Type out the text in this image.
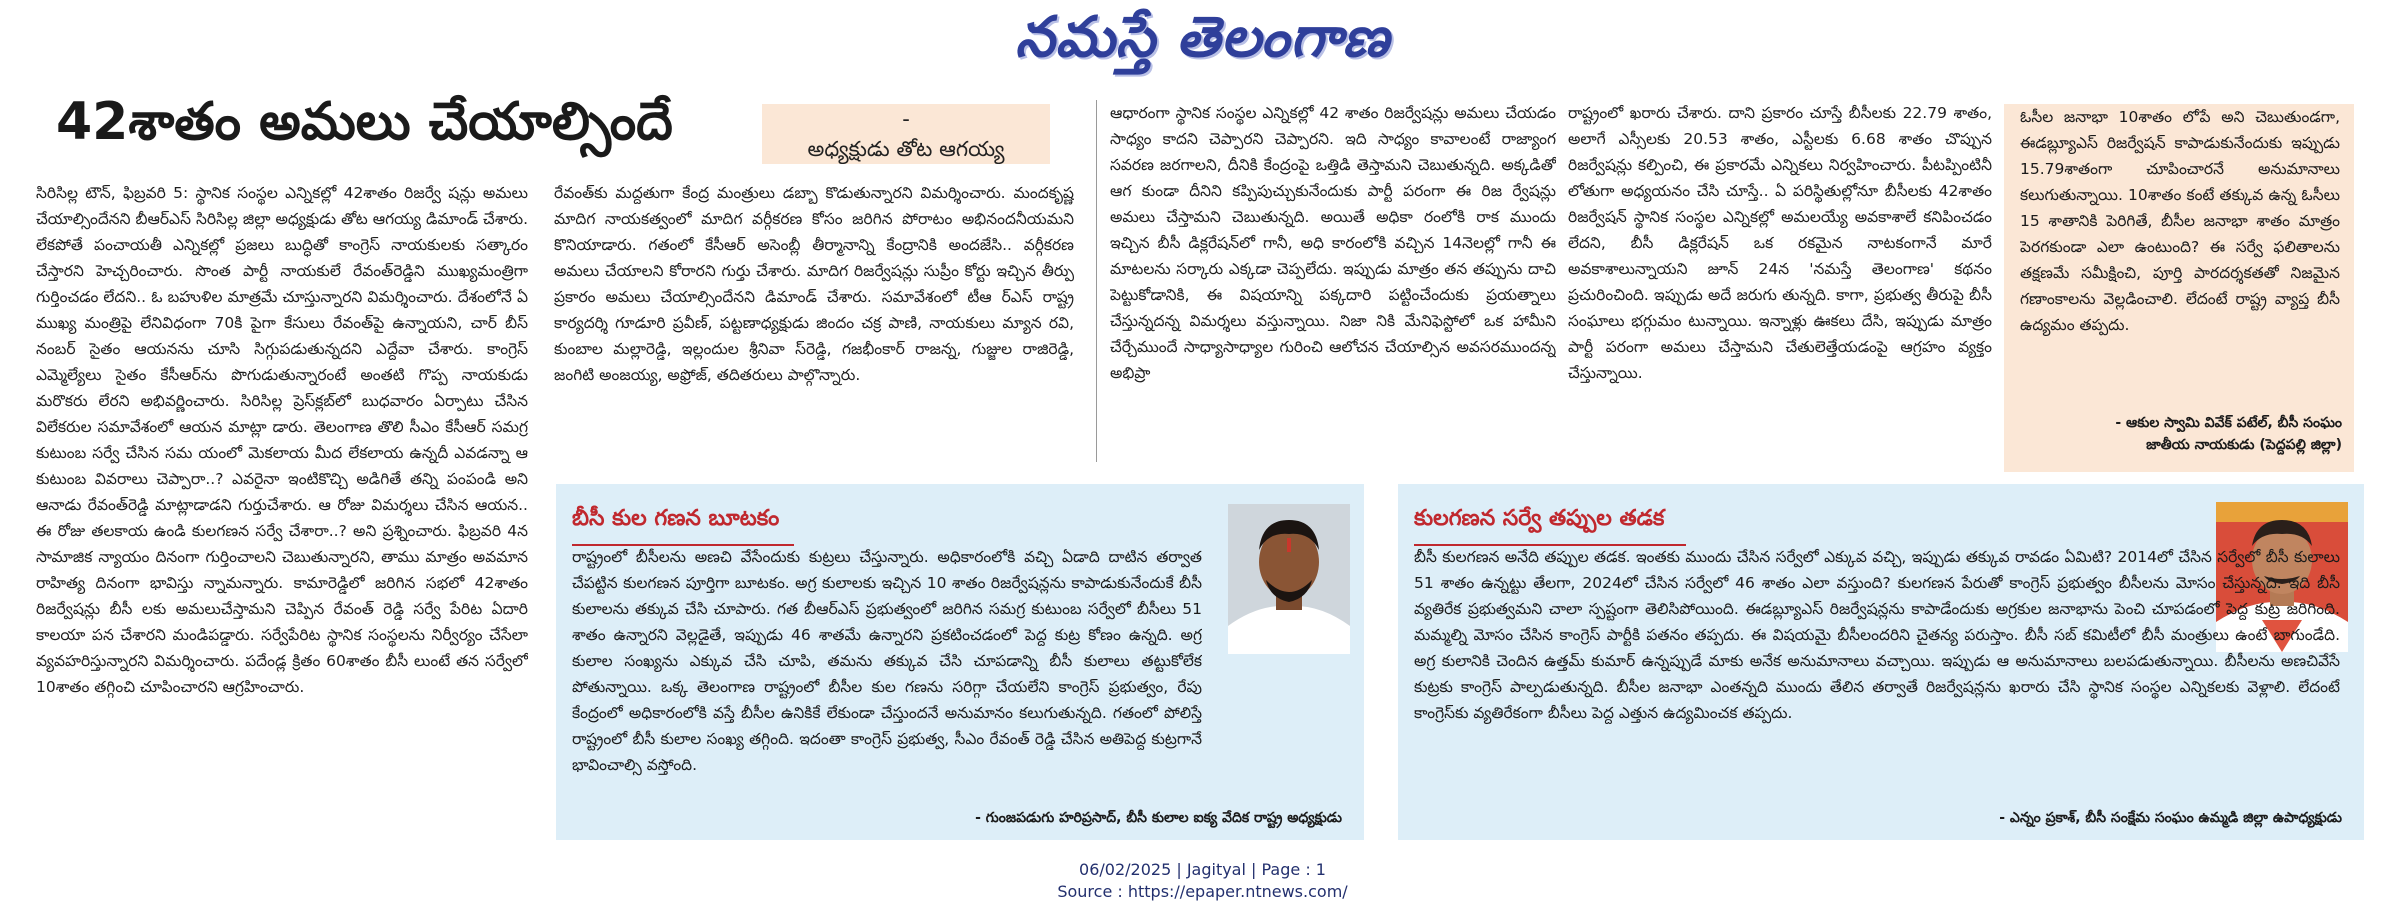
నమస్తే తెలంగాణ
42శాతం అమలు చేయాల్సిందే	-
అధ్యక్షుడు తోట ఆగయ్య
సిరిసిల్ల టౌన్, ఫిబ్రవరి 5: స్థానిక సంస్థల ఎన్నికల్లో 42శాతం రిజర్వే షన్లు అమలు చేయాల్సిందేనని బీఆర్ఎస్ సిరిసిల్ల జిల్లా అధ్యక్షుడు తోట ఆగయ్య డిమాండ్ చేశారు. లేకపోతే పంచాయతీ ఎన్నికల్లో ప్రజలు బుద్ధితో కాంగ్రెస్ నాయకులకు సత్కారం చేస్తారని హెచ్చరించారు. సొంత పార్టీ నాయకులే రేవంత్‌రెడ్డిని ముఖ్యమంత్రిగా గుర్తించడం లేదని.. ఓ బహుళిల మాత్రమే చూస్తున్నారని విమర్శించారు. దేశంలోనే ఏ ముఖ్య మంత్రిపై లేనివిధంగా 70కి పైగా కేసులు రేవంత్‌పై ఉన్నాయని, చార్ బీస్ నంబర్ సైతం ఆయనను చూసి సిగ్గుపడుతున్నదని ఎద్దేవా చేశారు. కాంగ్రెస్ ఎమ్మెల్యేలు సైతం కేసీఆర్‌ను పొగుడుతున్నారంటే అంతటి గొప్ప నాయకుడు మరొకరు లేరని అభివర్ణించారు. సిరిసిల్ల ప్రెస్‌క్లబ్‌లో బుధవారం ఏర్పాటు చేసిన విలేకరుల సమావేశంలో ఆయన మాట్లా డారు. తెలంగాణ తొలి సీఎం కేసీఆర్ సమగ్ర కుటుంబ సర్వే చేసిన సమ యంలో మెకలాయ మీద లేకలాయ ఉన్నదీ ఎవడన్నా ఆ కుటుంబ వివరాలు చెప్పారా..? ఎవరైనా ఇంటికొచ్చి అడిగితే తన్ని పంపండి అని ఆనాడు రేవంత్‌రెడ్డి మాట్లాడాడని గుర్తుచేశారు. ఆ రోజు విమర్శలు చేసిన ఆయన.. ఈ రోజు తలకాయ ఉండి కులగణన సర్వే చేశారా..? అని ప్రశ్నించారు. ఫిబ్రవరి 4న సామాజిక న్యాయం దినంగా గుర్తించాలని చెబుతున్నారని, తాము మాత్రం అవమాన రాహిత్య దినంగా భావిస్తు న్నామన్నారు. కామారెడ్డిలో జరిగిన సభలో 42శాతం రిజర్వేషన్లు బీసీ లకు అమలుచేస్తామని చెప్పిన రేవంత్ రెడ్డి సర్వే పేరిట ఏదారి కాలయా పన చేశారని మండిపడ్డారు. సర్వేపేరిట స్థానిక సంస్థలను నిర్వీర్యం చేసేలా వ్యవహరిస్తున్నారని విమర్శించారు. పదేండ్ల క్రితం 60శాతం బీసీ లుంటే తన సర్వేలో 10శాతం తగ్గించి చూపించారని ఆగ్రహించారు.
రేవంత్‌కు మద్దతుగా కేంద్ర మంత్రులు డబ్బా కొడుతున్నారని విమర్శించారు. మందకృష్ణ మాదిగ నాయకత్వంలో మాదిగ వర్గీకరణ కోసం జరిగిన పోరాటం అభినందనీయమని కొనియాడారు. గతంలో కేసీఆర్ అసెంబ్లీ తీర్మానాన్ని కేంద్రానికి అందజేసి.. వర్గీకరణ అమలు చేయాలని కోరారని గుర్తు చేశారు. మాదిగ రిజర్వేషన్లు సుప్రీం కోర్టు ఇచ్చిన తీర్పు ప్రకారం అమలు చేయాల్సిందేనని డిమాండ్ చేశారు. సమావేశంలో టీఆ ర్ఎస్ రాష్ట్ర కార్యదర్శి గూడూరి ప్రవీణ్, పట్టణాధ్యక్షుడు జిందం చక్ర పాణి, నాయకులు మ్యాన రవి, కుంబాల మల్లారెడ్డి, ఇల్లందుల శ్రీనివా స్‌రెడ్డి, గజభీంకార్ రాజన్న, గుజ్జుల రాజిరెడ్డి, జంగిటి అంజయ్య, అఫ్రోజ్, తదితరులు పాల్గొన్నారు.
ఆధారంగా స్థానిక సంస్థల ఎన్నికల్లో 42 శాతం రిజర్వేషన్లు అమలు చేయడం సాధ్యం కాదని చెప్పారని చెప్పారని. ఇది సాధ్యం కావాలంటే రాజ్యాంగ సవరణ జరగాలని, దీనికి కేంద్రంపై ఒత్తిడి తెస్తామని చెబుతున్నది. అక్కడితో ఆగ కుండా దీనిని కప్పిపుచ్చుకునేందుకు పార్టీ పరంగా ఈ రిజ ర్వేషన్లు అమలు చేస్తామని చెబుతున్నది. అయితే అధికా రంలోకి రాక ముందు ఇచ్చిన బీసీ డిక్లరేషన్‌లో గానీ, అధి కారంలోకి వచ్చిన 14నెలల్లో గానీ ఈ మాటలను సర్కారు ఎక్కడా చెప్పలేదు. ఇప్పుడు మాత్రం తన తప్పును దాచి పెట్టుకోడానికి, ఈ విషయాన్ని పక్కదారి పట్టించేందుకు ప్రయత్నాలు చేస్తున్నదన్న విమర్శలు వస్తున్నాయి. నిజా నికి మేనిఫెస్టోలో ఒక హామీని చేర్చేముందే సాధ్యాసాధ్యాల గురించి ఆలోచన చేయాల్సిన అవసరముందన్న అభిప్రా
రాష్ట్రంలో ఖరారు చేశారు. దాని ప్రకారం చూస్తే బీసీలకు 22.79 శాతం, అలాగే ఎస్సీలకు 20.53 శాతం, ఎస్టీలకు 6.68 శాతం చొప్పున రిజర్వేషన్లు కల్పించి, ఈ ప్రకారమే ఎన్నికలు నిర్వహించారు. పీటప్పింటినీ లోతుగా అధ్యయనం చేసి చూస్తే.. ఏ పరిస్థితుల్లోనూ బీసీలకు 42శాతం రిజర్వేషన్ స్థానిక సంస్థల ఎన్నికల్లో అమలయ్యే అవకాశాలే కనిపించడం లేదని, బీసీ డిక్లరేషన్ ఒక రకమైన నాటకంగానే మారే అవకాశాలున్నాయని జూన్ 24న 'నమస్తే తెలంగాణ' కథనం ప్రచురించింది. ఇప్పుడు అదే జరుగు తున్నది. కాగా, ప్రభుత్వ తీరుపై బీసీ సంఘాలు భగ్గుమం టున్నాయి. ఇన్నాళ్లు ఊకలు దేసి, ఇప్పుడు మాత్రం పార్టీ పరంగా అమలు చేస్తామని చేతులెత్తేయడంపై ఆగ్రహం వ్యక్తం చేస్తున్నాయి.
ఓసీల జనాభా 10శాతం లోపే అని చెబుతుండగా, ఈడబ్ల్యూఎస్ రిజర్వేషన్ కాపాడుకునేందుకు ఇప్పుడు 15.79శాతంగా చూపించారనే అనుమానాలు కలుగుతున్నాయి. 10శాతం కంటే తక్కువ ఉన్న ఓసీలు 15 శాతానికి పెరిగితే, బీసీల జనాభా శాతం మాత్రం పెరగకుండా ఎలా ఉంటుంది? ఈ సర్వే ఫలితాలను తక్షణమే సమీక్షించి, పూర్తి పారదర్శకతతో నిజమైన గణాంకాలను వెల్లడించాలి. లేదంటే రాష్ట్ర వ్యాప్త బీసీ ఉద్యమం తప్పదు.
- ఆకుల స్వామి వివేక్ పటేల్, బీసీ సంఘం
జాతీయ నాయకుడు (పెద్దపల్లి జిల్లా)
బీసీ కుల గణన బూటకం
రాష్ట్రంలో బీసీలను అణచి వేసేందుకు కుట్రలు చేస్తున్నారు. అధికారంలోకి వచ్చి ఏడాది దాటిన తర్వాత చేపట్టిన కులగణన పూర్తిగా బూటకం. అగ్ర కులాలకు ఇచ్చిన 10 శాతం రిజర్వేషన్లను కాపాడుకునేందుకే బీసీ కులాలను తక్కువ చేసి చూపారు. గత బీఆర్ఎస్ ప్రభుత్వంలో జరిగిన సమగ్ర కుటుంబ సర్వేలో బీసీలు 51 శాతం ఉన్నారని వెల్లడైతే, ఇప్పుడు 46 శాతమే ఉన్నారని ప్రకటించడంలో పెద్ద కుట్ర కోణం ఉన్నది. అగ్ర కులాల సంఖ్యను ఎక్కువ చేసి చూపి, తమను తక్కువ చేసి చూపడాన్ని బీసీ కులాలు తట్టుకోలేక పోతున్నాయి. ఒక్క తెలంగాణ రాష్ట్రంలో బీసీల కుల గణను సరిగ్గా చేయలేని కాంగ్రెస్ ప్రభుత్వం, రేపు కేంద్రంలో అధికారంలోకి వస్తే బీసీల ఉనికికే లేకుండా చేస్తుందనే అనుమానం కలుగుతున్నది. గతంలో పోలిస్తే రాష్ట్రంలో బీసీ కులాల సంఖ్య తగ్గింది. ఇదంతా కాంగ్రెస్ ప్రభుత్వ, సీఎం రేవంత్ రెడ్డి చేసిన అతిపెద్ద కుట్రగానే భావించాల్సి వస్తోంది.
- గుంజపడుగు హరిప్రసాద్, బీసీ కులాల ఐక్య వేదిక రాష్ట్ర అధ్యక్షుడు
కులగణన సర్వే తప్పుల తడక
బీసీ కులగణన అనేది తప్పుల తడక. ఇంతకు ముందు చేసిన సర్వేలో ఎక్కువ వచ్చి, ఇప్పుడు తక్కువ రావడం ఏమిటి? 2014లో చేసిన సర్వేలో బీసీ కులాలు 51 శాతం ఉన్నట్టు తేలగా, 2024లో చేసిన సర్వేలో 46 శాతం ఎలా వస్తుంది? కులగణన పేరుతో కాంగ్రెస్ ప్రభుత్వం బీసీలను మోసం చేస్తున్నది. ఇది బీసీ వ్యతిరేక ప్రభుత్వమని చాలా స్పష్టంగా తెలిసిపోయింది. ఈడబ్ల్యూఎస్ రిజర్వేషన్లను కాపాడేందుకు అగ్రకుల జనాభాను పెంచి చూపడంలో పెద్ద కుట్ర జరిగింది. మమ్మల్ని మోసం చేసిన కాంగ్రెస్ పార్టీకి పతనం తప్పదు. ఈ విషయమై బీసీలందరిని చైతన్య పరుస్తాం. బీసీ సబ్ కమిటీలో బీసీ మంత్రులు ఉంటే బాగుండేది. అగ్ర కులానికి చెందిన ఉత్తమ్ కుమార్ ఉన్నప్పుడే మాకు అనేక అనుమానాలు వచ్చాయి. ఇప్పుడు ఆ అనుమానాలు బలపడుతున్నాయి. బీసీలను అణచివేసే కుట్రకు కాంగ్రెస్ పాల్పడుతున్నది. బీసీల జనాభా ఎంతన్నది ముందు తేలిన తర్వాతే రిజర్వేషన్లను ఖరారు చేసి స్థానిక సంస్థల ఎన్నికలకు వెళ్లాలి. లేదంటే కాంగ్రెస్‌కు వ్యతిరేకంగా బీసీలు పెద్ద ఎత్తున ఉద్యమించక తప్పదు.
- ఎన్నం ప్రకాశ్, బీసీ సంక్షేమ సంఘం ఉమ్మడి జిల్లా ఉపాధ్యక్షుడు
06/02/2025 | Jagityal | Page : 1
Source : https://epaper.ntnews.com/
